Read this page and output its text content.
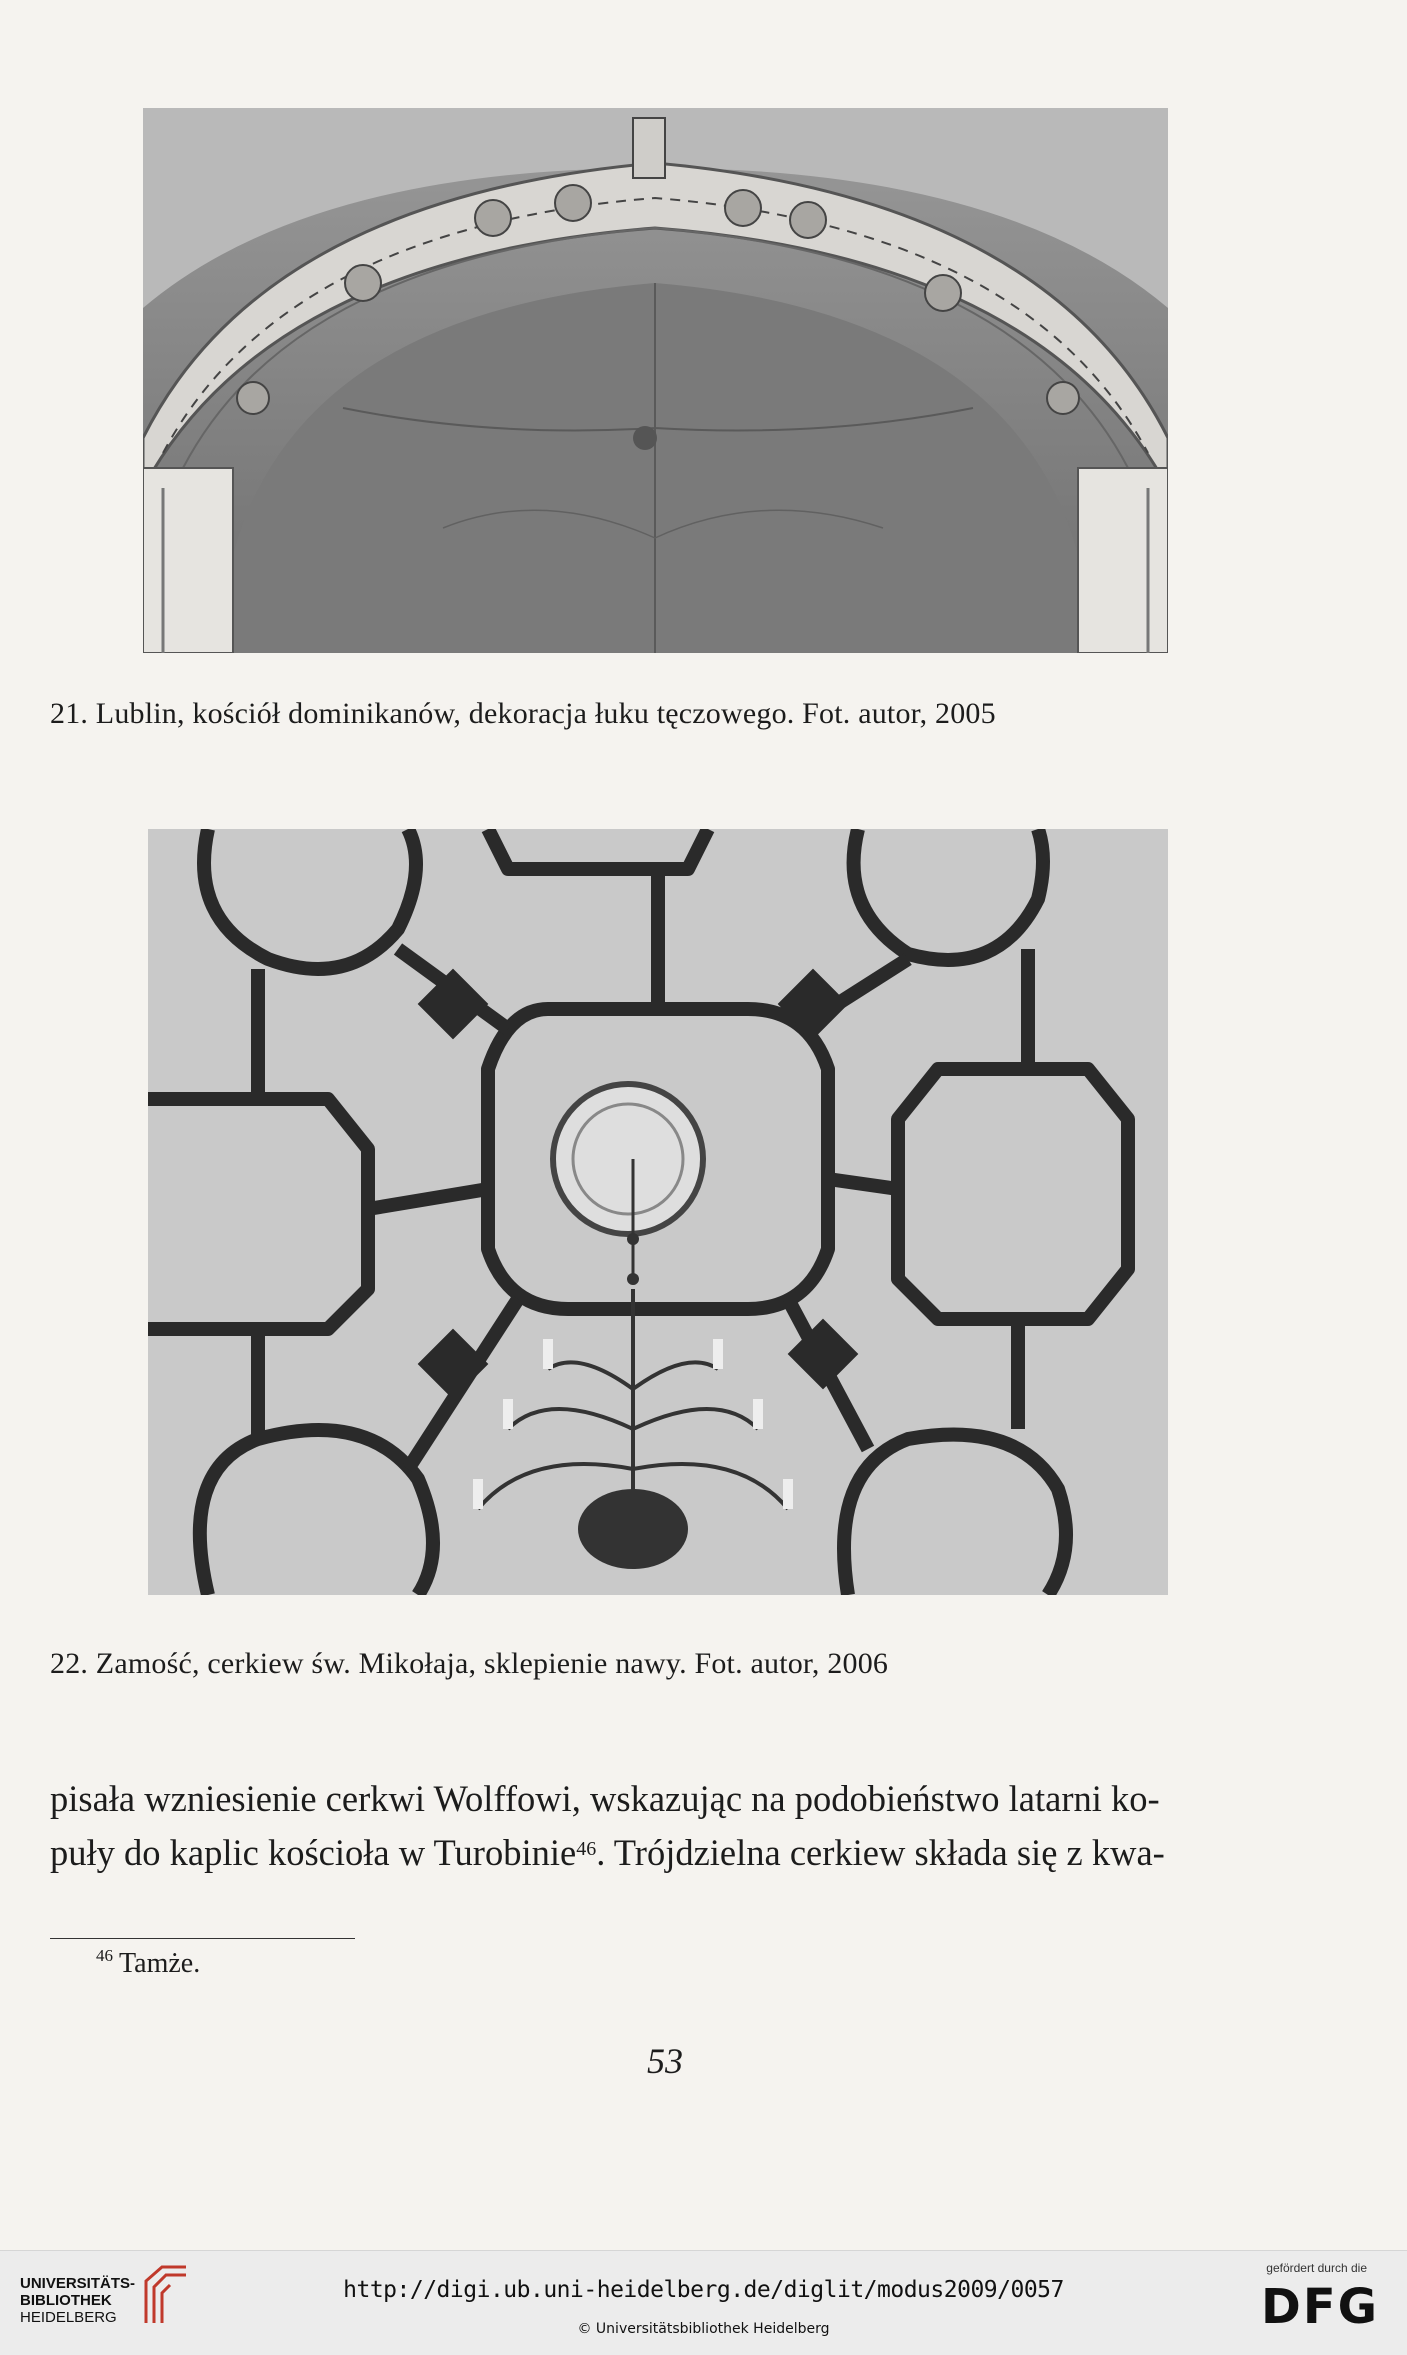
21. Lublin, kościół dominikanów, dekoracja łuku tęczowego. Fot. autor, 2005
22. Zamość, cerkiew św. Mikołaja, sklepienie nawy. Fot. autor, 2006
pisała wzniesienie cerkwi Wolffowi, wskazując na podobieństwo latarni ko-
puły do kaplic kościoła w Turobinie$^{46}$. Trójdzielna cerkiew składa się z kwa-
$^{46}$ Tamże.
53
UNIVERSITÄTS-
BIBLIOTHEK
HEIDELBERG
http://digi.ub.uni-heidelberg.de/diglit/modus2009/0057
© Universitätsbibliothek Heidelberg
gefördert durch die
DFG
